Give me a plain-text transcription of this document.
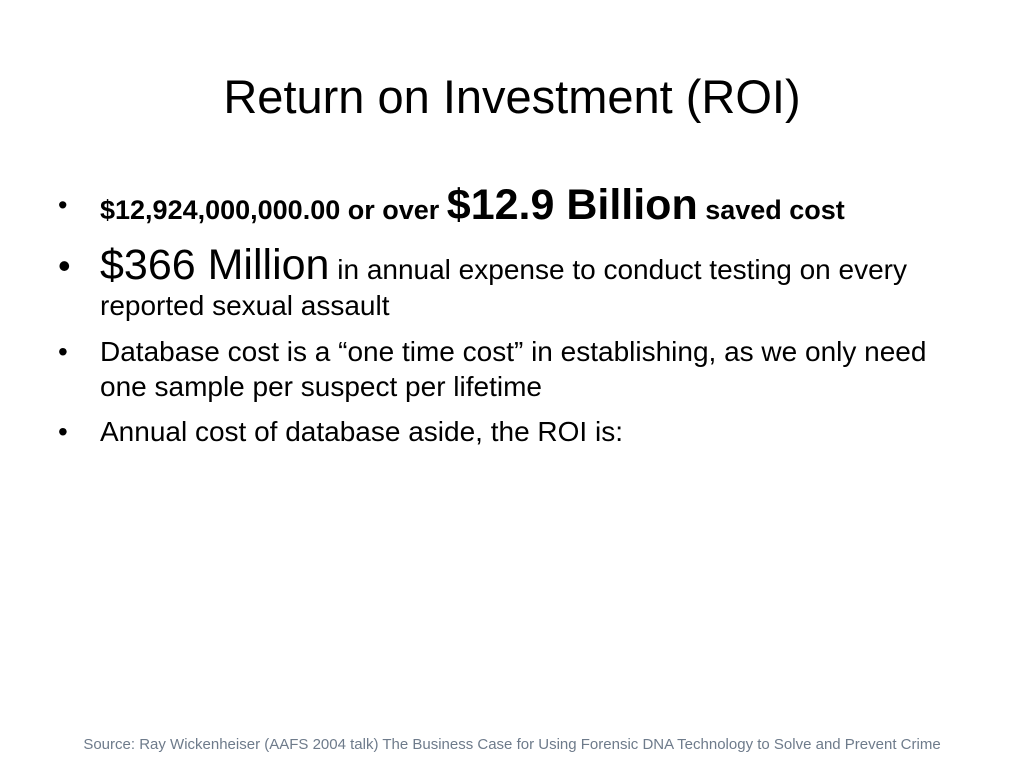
Return on Investment (ROI)
• $12,924,000,000.00 or over $12.9 Billion saved cost
• $366 Million in annual expense to conduct testing on every reported sexual assault
• Database cost is a “one time cost” in establishing, as we only need one sample per suspect per lifetime
• Annual cost of database aside, the ROI is:
Source: Ray Wickenheiser (AAFS 2004 talk) The Business Case for Using Forensic DNA Technology to Solve and Prevent Crime
